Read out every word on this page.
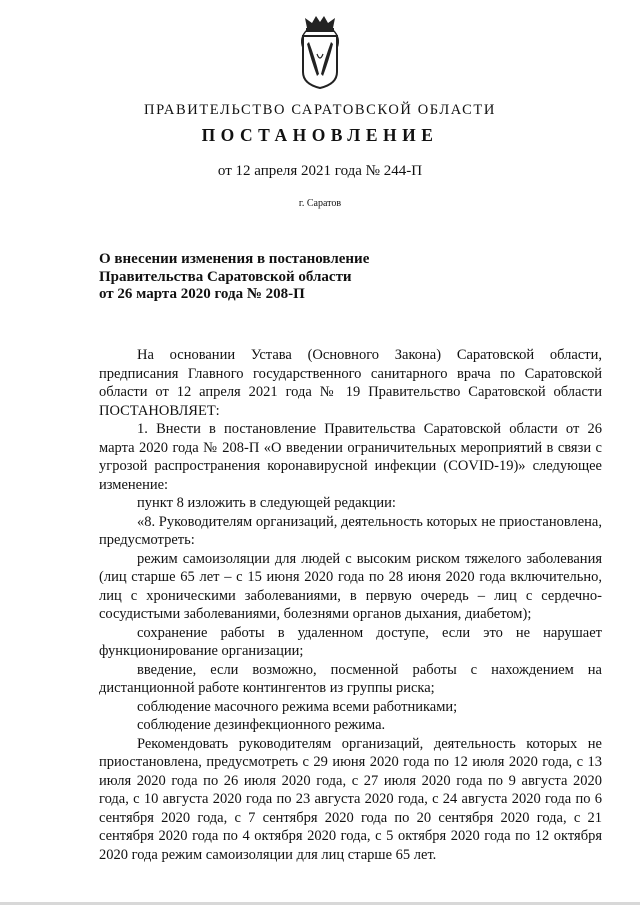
ПРАВИТЕЛЬСТВО САРАТОВСКОЙ ОБЛАСТИ
ПОСТАНОВЛЕНИЕ
от 12 апреля 2021 года № 244-П
г. Саратов
О внесении изменения в постановление
Правительства Саратовской области
от 26 марта 2020 года № 208-П

На основании Устава (Основного Закона) Саратовской области, предписания Главного государственного санитарного врача по Саратовской области от 12 апреля 2021 года № 19 Правительство Саратовской области ПОСТАНОВЛЯЕТ:

1. Внести в постановление Правительства Саратовской области от 26 марта 2020 года № 208-П «О введении ограничительных мероприятий в связи с угрозой распространения коронавирусной инфекции (COVID-19)» следующее изменение:

пункт 8 изложить в следующей редакции:

«8. Руководителям организаций, деятельность которых не приостановлена, предусмотреть:

режим самоизоляции для людей с высоким риском тяжелого заболевания (лиц старше 65 лет – с 15 июня 2020 года по 28 июня 2020 года включительно, лиц с хроническими заболеваниями, в первую очередь – лиц с сердечно-сосудистыми заболеваниями, болезнями органов дыхания, диабетом);

сохранение работы в удаленном доступе, если это не нарушает функционирование организации;

введение, если возможно, посменной работы с нахождением на дистанционной работе контингентов из группы риска;

соблюдение масочного режима всеми работниками;

соблюдение дезинфекционного режима.

Рекомендовать руководителям организаций, деятельность которых не приостановлена, предусмотреть с 29 июня 2020 года по 12 июля 2020 года, с 13 июля 2020 года по 26 июля 2020 года, с 27 июля 2020 года по 9 августа 2020 года, с 10 августа 2020 года по 23 августа 2020 года, с 24 августа 2020 года по 6 сентября 2020 года, с 7 сентября 2020 года по 20 сентября 2020 года, с 21 сентября 2020 года по 4 октября 2020 года, с 5 октября 2020 года по 12 октября 2020 года режим самоизоляции для лиц старше 65 лет.
